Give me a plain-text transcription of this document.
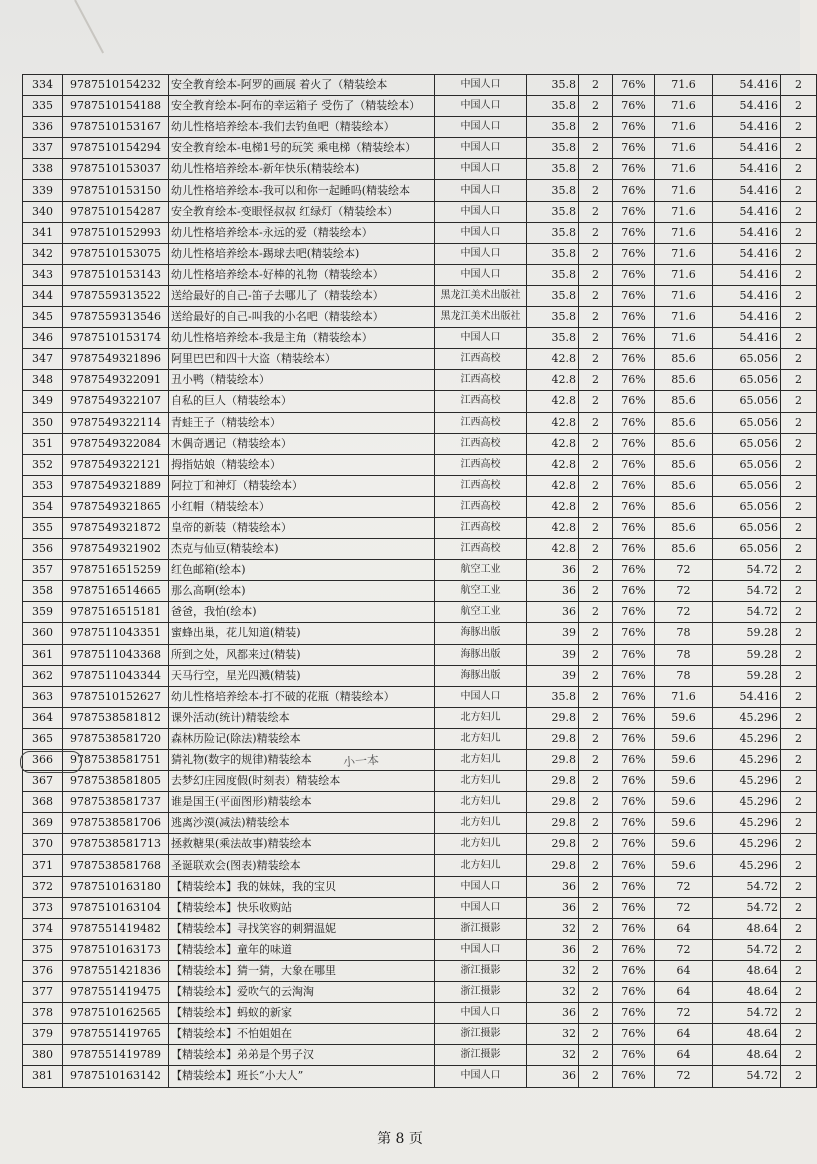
334	9787510154232	安全教育绘本-阿罗的画展 着火了（精装绘本	中国人口	35.8	2	76%	71.6	54.416	2
335	9787510154188	安全教育绘本-阿布的幸运箱子 受伤了（精装绘本）	中国人口	35.8	2	76%	71.6	54.416	2
336	9787510153167	幼儿性格培养绘本-我们去钓鱼吧（精装绘本）	中国人口	35.8	2	76%	71.6	54.416	2
337	9787510154294	安全教育绘本-电梯1号的玩笑 乘电梯（精装绘本）	中国人口	35.8	2	76%	71.6	54.416	2
338	9787510153037	幼儿性格培养绘本-新年快乐(精装绘本)	中国人口	35.8	2	76%	71.6	54.416	2
339	9787510153150	幼儿性格培养绘本-我可以和你一起睡吗(精装绘本	中国人口	35.8	2	76%	71.6	54.416	2
340	9787510154287	安全教育绘本-变眼怪叔叔 红绿灯（精装绘本）	中国人口	35.8	2	76%	71.6	54.416	2
341	9787510152993	幼儿性格培养绘本-永远的爱（精装绘本）	中国人口	35.8	2	76%	71.6	54.416	2
342	9787510153075	幼儿性格培养绘本-踢球去吧(精装绘本)	中国人口	35.8	2	76%	71.6	54.416	2
343	9787510153143	幼儿性格培养绘本-好棒的礼物（精装绘本）	中国人口	35.8	2	76%	71.6	54.416	2
344	9787559313522	送给最好的自己-笛子去哪儿了（精装绘本）	黑龙江美术出版社	35.8	2	76%	71.6	54.416	2
345	9787559313546	送给最好的自己-叫我的小名吧（精装绘本）	黑龙江美术出版社	35.8	2	76%	71.6	54.416	2
346	9787510153174	幼儿性格培养绘本-我是主角（精装绘本）	中国人口	35.8	2	76%	71.6	54.416	2
347	9787549321896	阿里巴巴和四十大盗（精装绘本）	江西高校	42.8	2	76%	85.6	65.056	2
348	9787549322091	丑小鸭（精装绘本）	江西高校	42.8	2	76%	85.6	65.056	2
349	9787549322107	自私的巨人（精装绘本）	江西高校	42.8	2	76%	85.6	65.056	2
350	9787549322114	青蛙王子（精装绘本）	江西高校	42.8	2	76%	85.6	65.056	2
351	9787549322084	木偶奇遇记（精装绘本）	江西高校	42.8	2	76%	85.6	65.056	2
352	9787549322121	拇指姑娘（精装绘本）	江西高校	42.8	2	76%	85.6	65.056	2
353	9787549321889	阿拉丁和神灯（精装绘本）	江西高校	42.8	2	76%	85.6	65.056	2
354	9787549321865	小红帽（精装绘本）	江西高校	42.8	2	76%	85.6	65.056	2
355	9787549321872	皇帝的新装（精装绘本）	江西高校	42.8	2	76%	85.6	65.056	2
356	9787549321902	杰克与仙豆(精装绘本)	江西高校	42.8	2	76%	85.6	65.056	2
357	9787516515259	红色邮箱(绘本)	航空工业	36	2	76%	72	54.72	2
358	9787516514665	那么高啊(绘本)	航空工业	36	2	76%	72	54.72	2
359	9787516515181	爸爸，我怕(绘本)	航空工业	36	2	76%	72	54.72	2
360	9787511043351	蜜蜂出巢，花儿知道(精装)	海豚出版	39	2	76%	78	59.28	2
361	9787511043368	所到之处，风都来过(精装)	海豚出版	39	2	76%	78	59.28	2
362	9787511043344	天马行空，星光四溅(精装)	海豚出版	39	2	76%	78	59.28	2
363	9787510152627	幼儿性格培养绘本-打不破的花瓶（精装绘本）	中国人口	35.8	2	76%	71.6	54.416	2
364	9787538581812	课外活动(统计)精装绘本	北方妇儿	29.8	2	76%	59.6	45.296	2
365	9787538581720	森林历险记(除法)精装绘本	北方妇儿	29.8	2	76%	59.6	45.296	2
366	9787538581751	猜礼物(数字的规律)精装绘本	北方妇儿	29.8	2	76%	59.6	45.296	2
367	9787538581805	去梦幻庄园度假(时刻表）精装绘本	北方妇儿	29.8	2	76%	59.6	45.296	2
368	9787538581737	谁是国王(平面图形)精装绘本	北方妇儿	29.8	2	76%	59.6	45.296	2
369	9787538581706	逃离沙漠(减法)精装绘本	北方妇儿	29.8	2	76%	59.6	45.296	2
370	9787538581713	拯救糖果(乘法故事)精装绘本	北方妇儿	29.8	2	76%	59.6	45.296	2
371	9787538581768	圣诞联欢会(图表)精装绘本	北方妇儿	29.8	2	76%	59.6	45.296	2
372	9787510163180	【精装绘本】我的妹妹，我的宝贝	中国人口	36	2	76%	72	54.72	2
373	9787510163104	【精装绘本】快乐收购站	中国人口	36	2	76%	72	54.72	2
374	9787551419482	【精装绘本】寻找笑容的刺猬温妮	浙江摄影	32	2	76%	64	48.64	2
375	9787510163173	【精装绘本】童年的味道	中国人口	36	2	76%	72	54.72	2
376	9787551421836	【精装绘本】猜一猜，大象在哪里	浙江摄影	32	2	76%	64	48.64	2
377	9787551419475	【精装绘本】爱吹气的云淘淘	浙江摄影	32	2	76%	64	48.64	2
378	9787510162565	【精装绘本】蚂蚁的新家	中国人口	36	2	76%	72	54.72	2
379	9787551419765	【精装绘本】不怕姐姐在	浙江摄影	32	2	76%	64	48.64	2
380	9787551419789	【精装绘本】弟弟是个男子汉	浙江摄影	32	2	76%	64	48.64	2
381	9787510163142	【精装绘本】班长“小大人”	中国人口	36	2	76%	72	54.72	2
小一本
第 8 页
